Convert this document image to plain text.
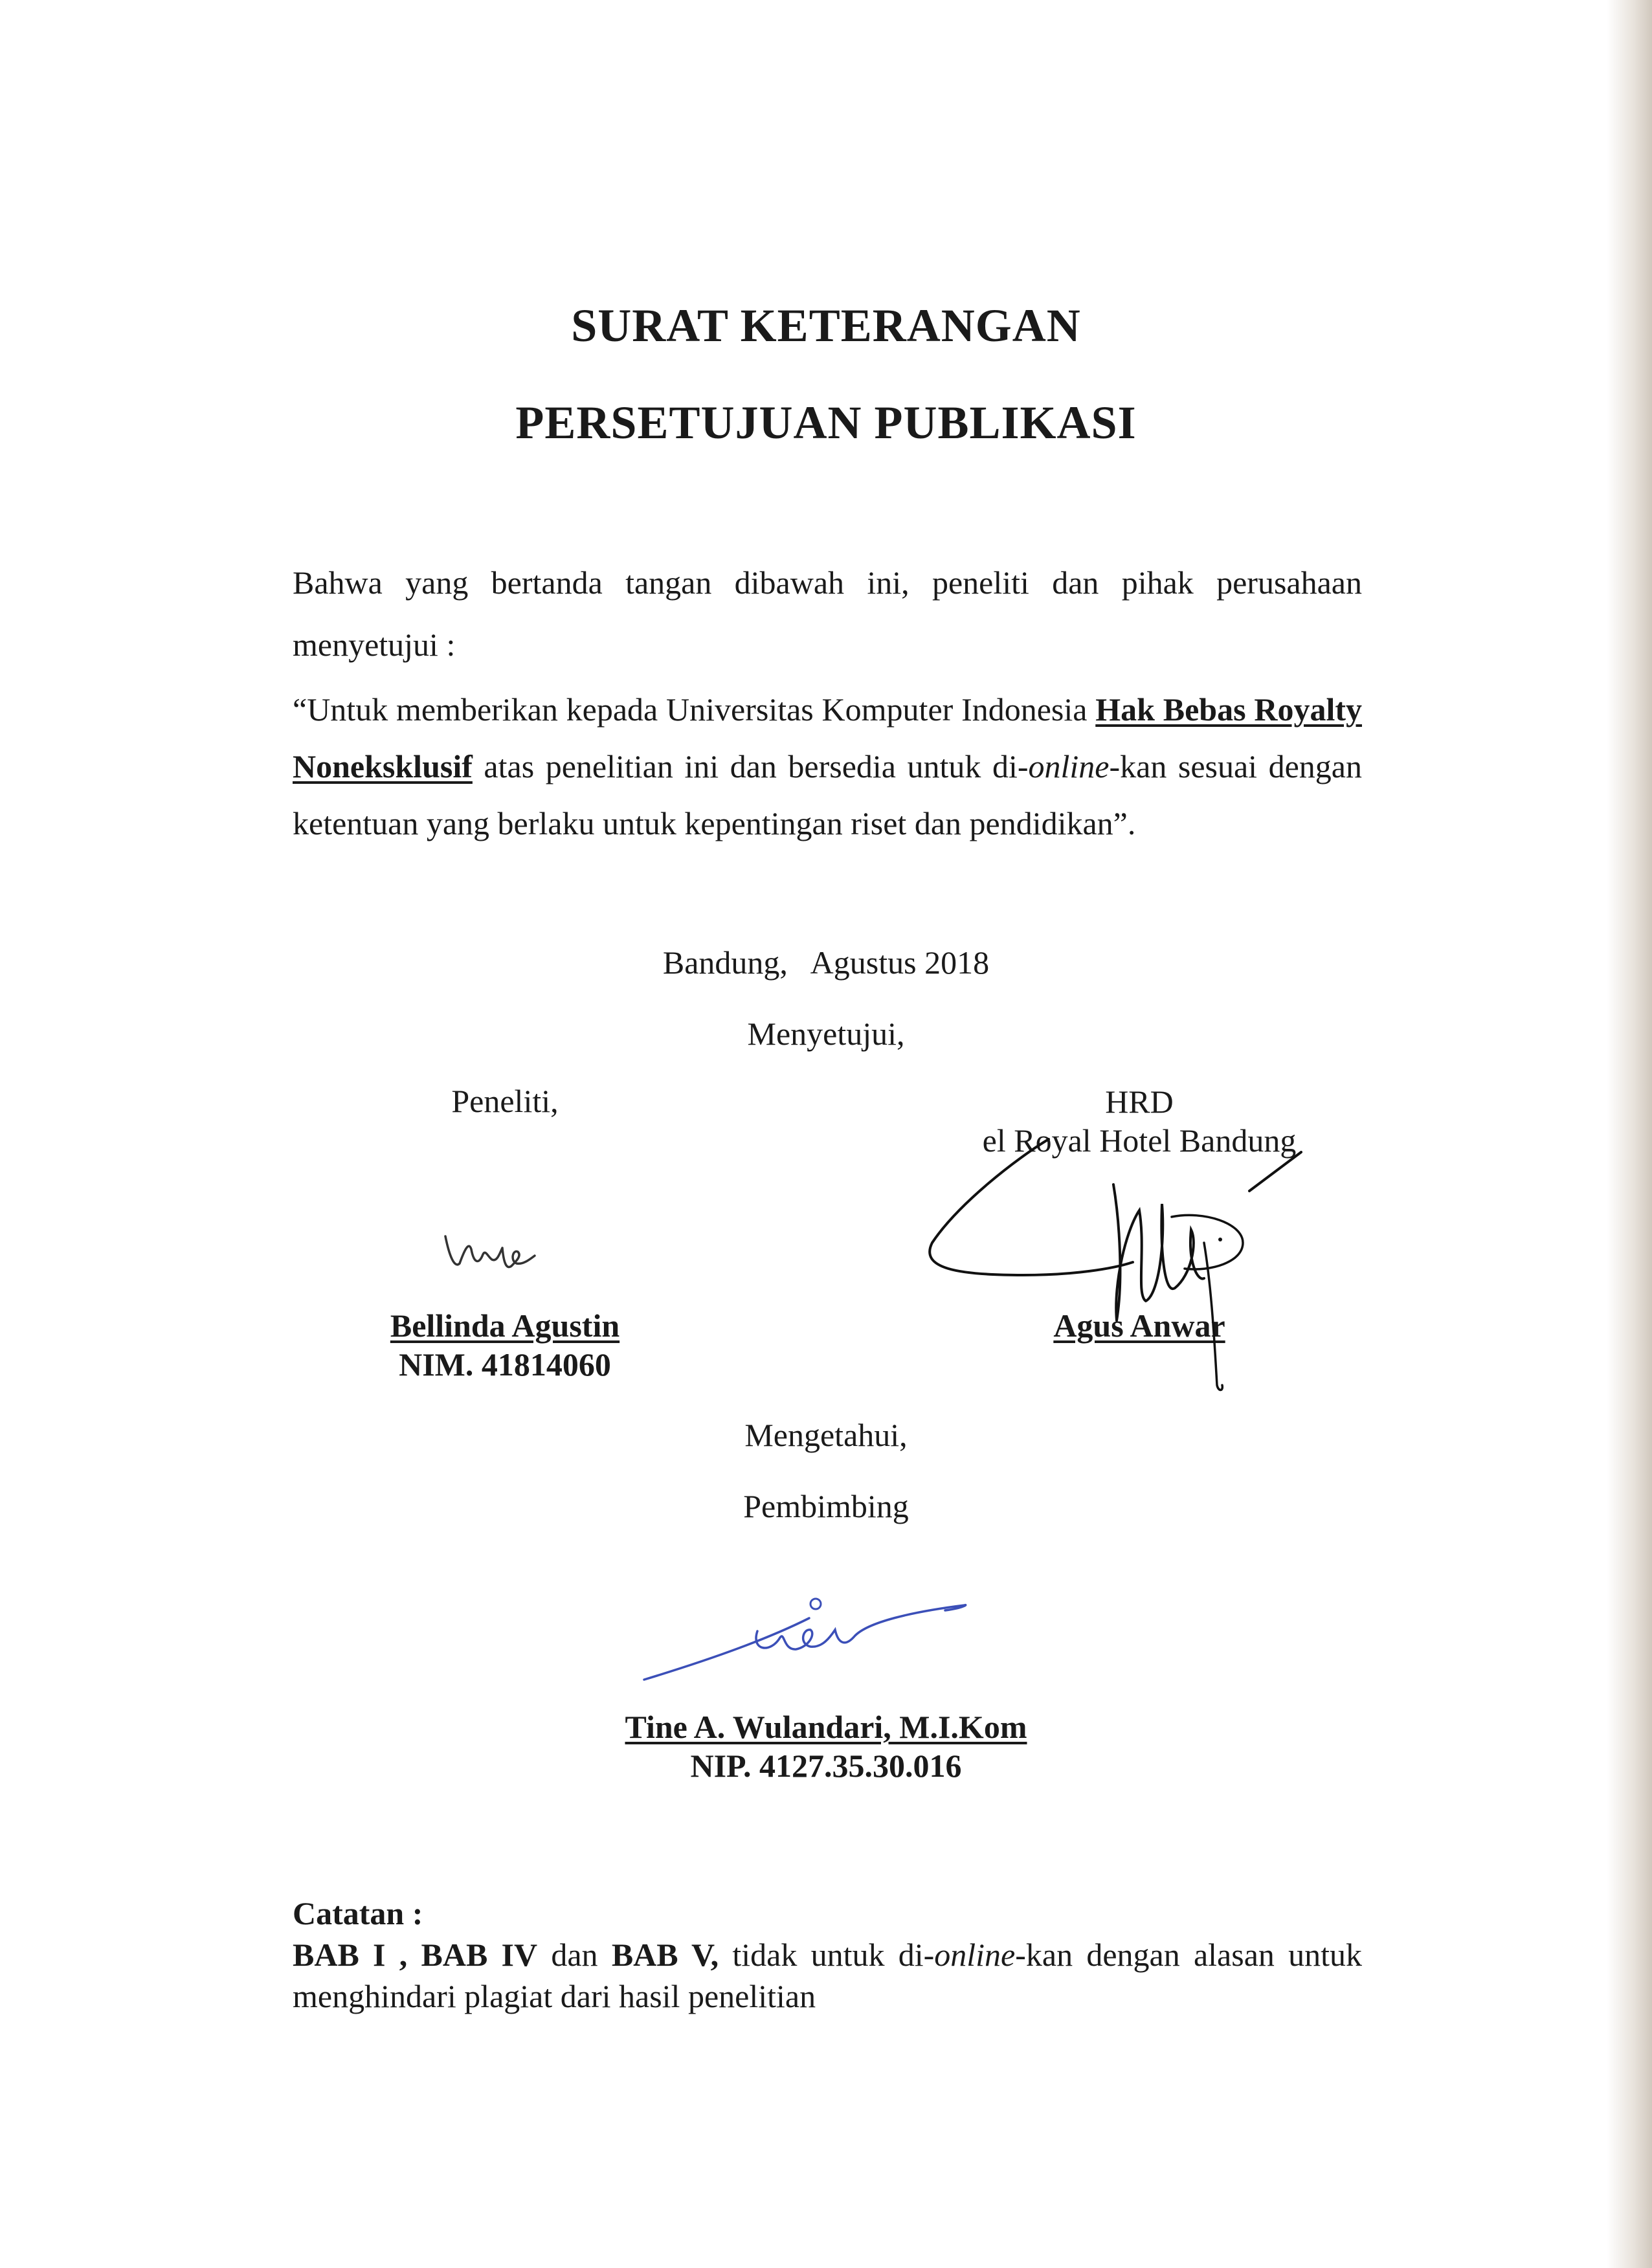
SURAT KETERANGAN
PERSETUJUAN PUBLIKASI
Bahwa yang bertanda tangan dibawah ini, peneliti dan pihak perusahaan
menyetujui :
“Untuk memberikan kepada Universitas Komputer Indonesia Hak Bebas Royalty
Noneksklusif atas penelitian ini dan bersedia untuk di-online-kan sesuai dengan
ketentuan yang berlaku untuk kepentingan riset dan pendidikan”.
Bandung,   Agustus 2018
Menyetujui,
Peneliti,
Bellinda Agustin
NIM. 41814060
HRD
el Royal Hotel Bandung
Agus Anwar
Mengetahui,
Pembimbing
Tine A. Wulandari, M.I.Kom
NIP. 4127.35.30.016
Catatan :
BAB I , BAB IV dan BAB V, tidak untuk di-online-kan dengan alasan untuk
menghindari plagiat dari hasil penelitian
